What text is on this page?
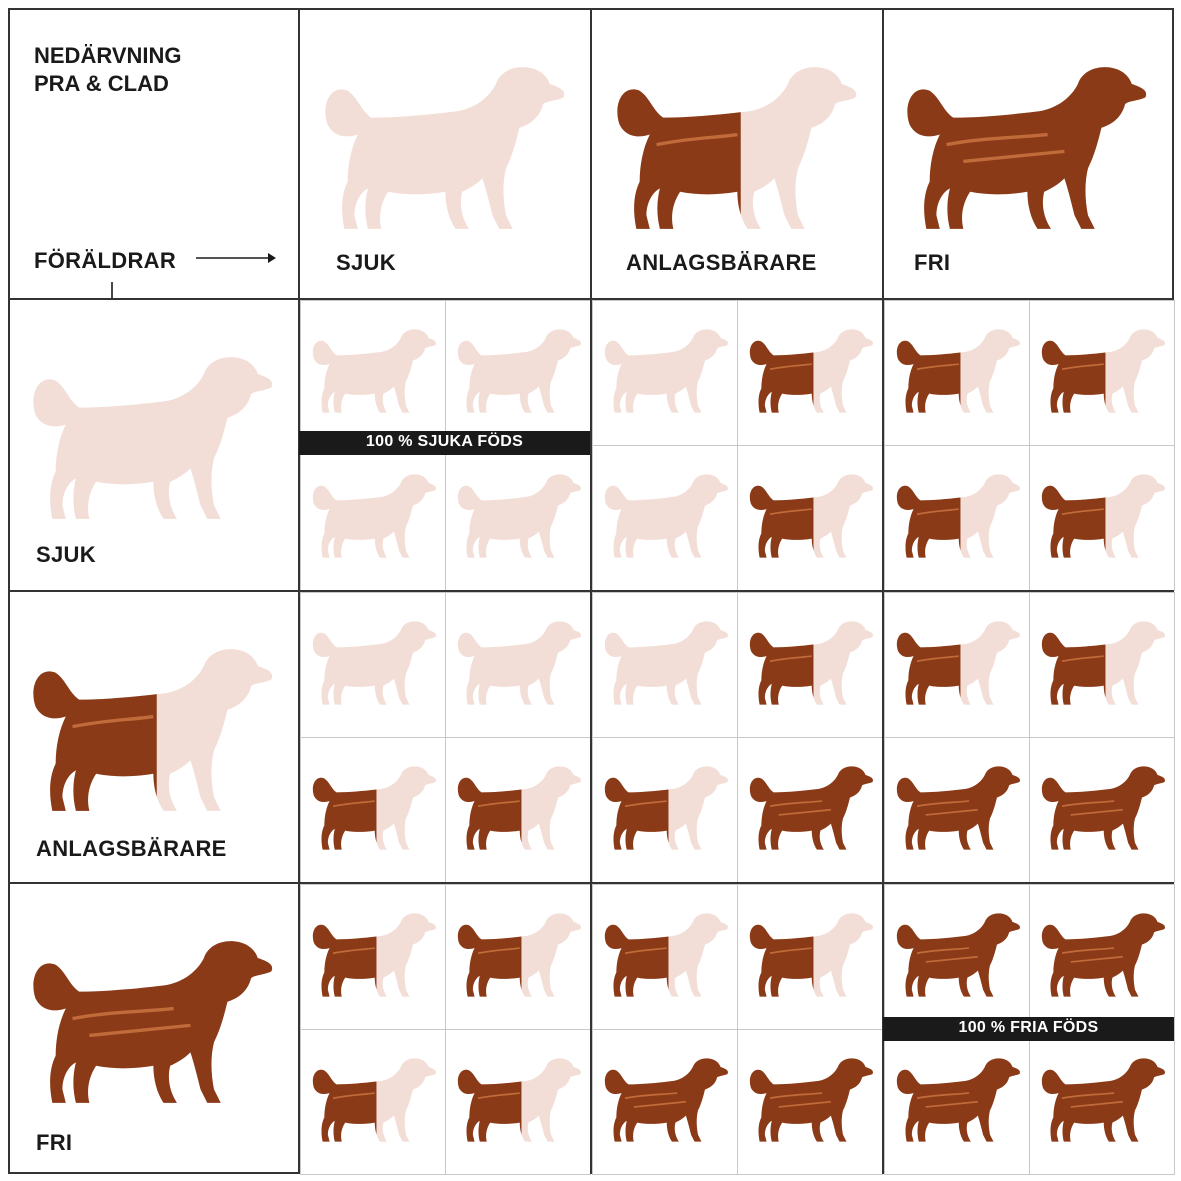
NEDÄRVNING
PRA & CLAD
FÖRÄLDRAR	SJUK	ANLAGSBÄRARE	FRI
SJUK
ANLAGSBÄRARE
FRI
100 % SJUKA FÖDS
100 % FRIA FÖDS
